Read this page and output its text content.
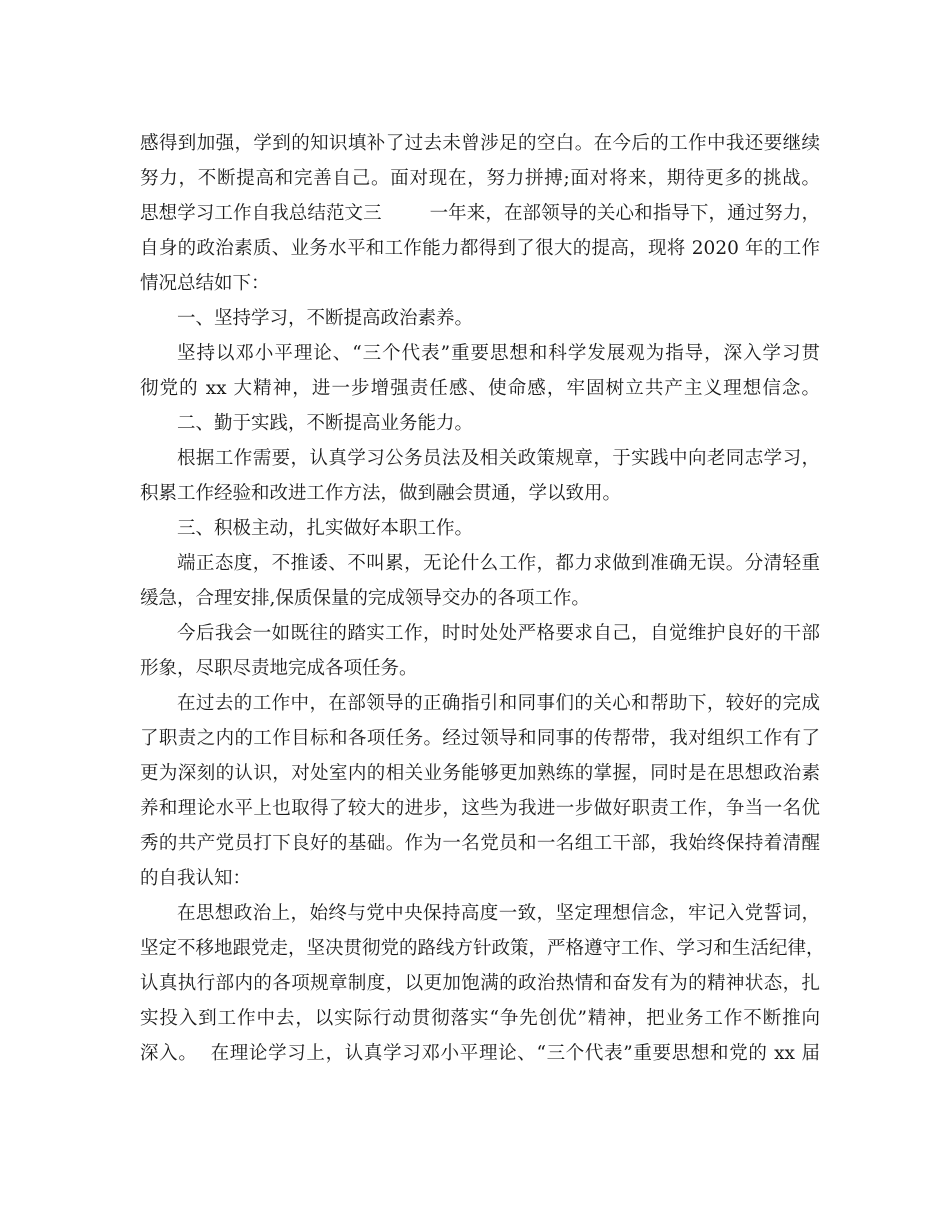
感得到加强，学到的知识填补了过去未曾涉足的空白。在今后的工作中我还要继续
努力，不断提高和完善自己。面对现在，努力拼搏;面对将来，期待更多的挑战。
思想学习工作自我总结范文三        一年来，在部领导的关心和指导下，通过努力，
自身的政治素质、业务水平和工作能力都得到了很大的提高，现将 2020 年的工作
情况总结如下：
一、坚持学习，不断提高政治素养。
坚持以邓小平理论、“三个代表”重要思想和科学发展观为指导，深入学习贯
彻党的 xx 大精神，进一步增强责任感、使命感，牢固树立共产主义理想信念。
二、勤于实践，不断提高业务能力。
根据工作需要，认真学习公务员法及相关政策规章，于实践中向老同志学习，
积累工作经验和改进工作方法，做到融会贯通，学以致用。
三、积极主动，扎实做好本职工作。
端正态度，不推诿、不叫累，无论什么工作，都力求做到准确无误。分清轻重
缓急，合理安排,保质保量的完成领导交办的各项工作。
今后我会一如既往的踏实工作，时时处处严格要求自己，自觉维护良好的干部
形象，尽职尽责地完成各项任务。
在过去的工作中，在部领导的正确指引和同事们的关心和帮助下，较好的完成
了职责之内的工作目标和各项任务。经过领导和同事的传帮带，我对组织工作有了
更为深刻的认识，对处室内的相关业务能够更加熟练的掌握，同时是在思想政治素
养和理论水平上也取得了较大的进步，这些为我进一步做好职责工作，争当一名优
秀的共产党员打下良好的基础。作为一名党员和一名组工干部，我始终保持着清醒
的自我认知：
在思想政治上，始终与党中央保持高度一致，坚定理想信念，牢记入党誓词，
坚定不移地跟党走，坚决贯彻党的路线方针政策，严格遵守工作、学习和生活纪律，
认真执行部内的各项规章制度，以更加饱满的政治热情和奋发有为的精神状态，扎
实投入到工作中去，以实际行动贯彻落实“争先创优”精神，把业务工作不断推向
深入。  在理论学习上，认真学习邓小平理论、“三个代表”重要思想和党的 xx 届
